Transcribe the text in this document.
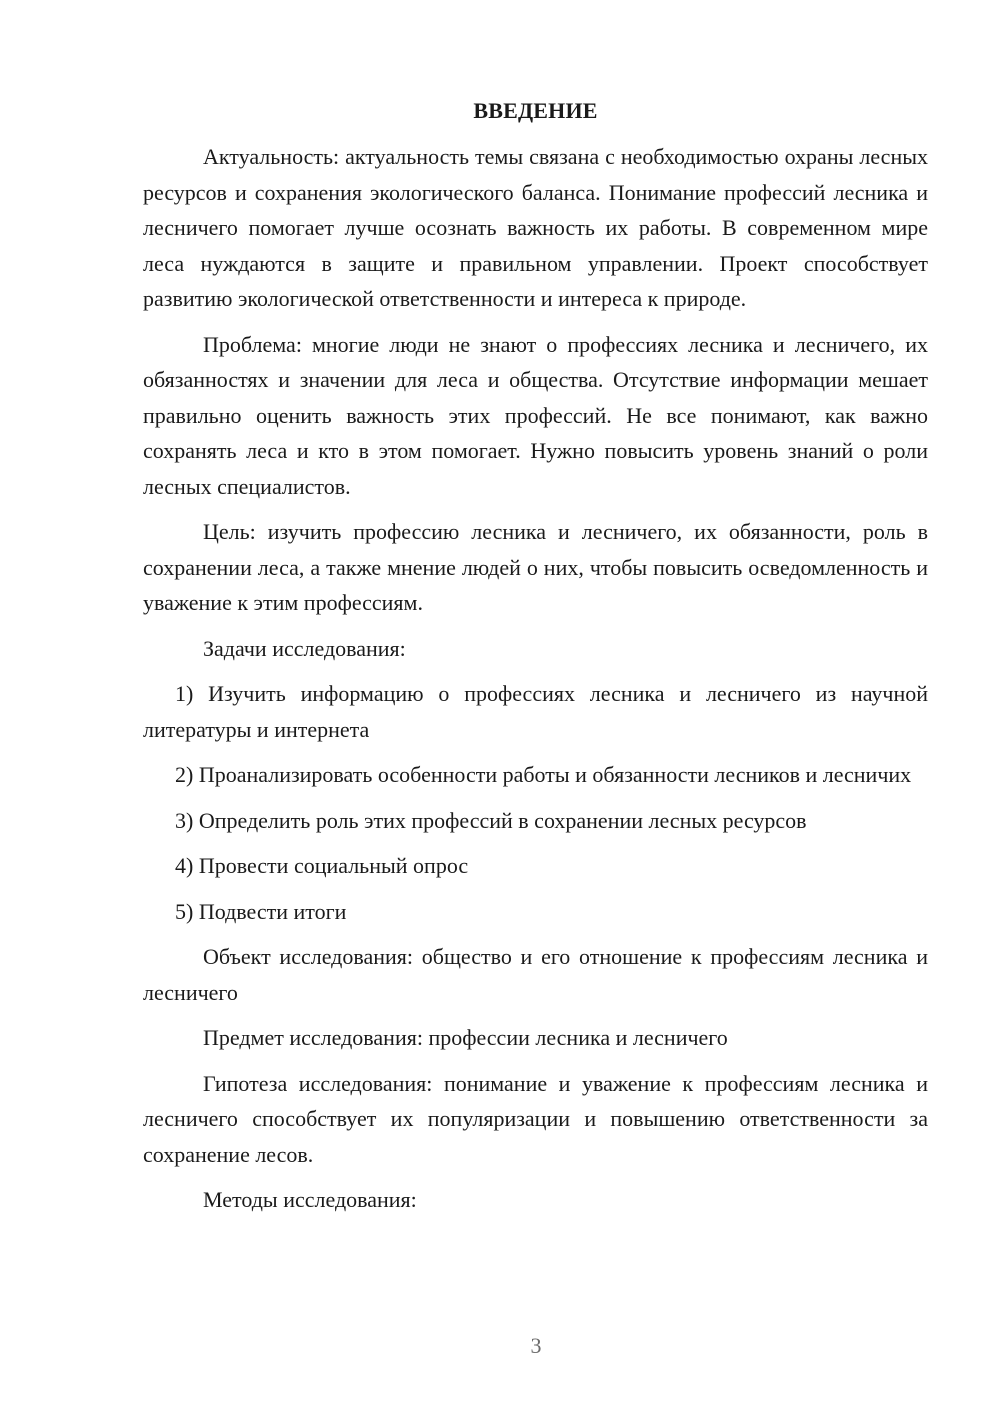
ВВЕДЕНИЕ

Актуальность: актуальность темы связана с необходимостью охраны лесных ресурсов и сохранения экологического баланса. Понимание профессий лесника и лесничего помогает лучше осознать важность их работы. В современном мире леса нуждаются в защите и правильном управлении. Проект способствует развитию экологической ответственности и интереса к природе.

Проблема: многие люди не знают о профессиях лесника и лесничего, их обязанностях и значении для леса и общества. Отсутствие информации мешает правильно оценить важность этих профессий. Не все понимают, как важно сохранять леса и кто в этом помогает. Нужно повысить уровень знаний о роли лесных специалистов.

Цель: изучить профессию лесника и лесничего, их обязанности, роль в сохранении леса, а также мнение людей о них, чтобы повысить осведомленность и уважение к этим профессиям.

Задачи исследования:

1) Изучить информацию о профессиях лесника и лесничего из научной литературы и интернета

2) Проанализировать особенности работы и обязанности лесников и лесничих

3) Определить роль этих профессий в сохранении лесных ресурсов

4) Провести социальный опрос

5) Подвести итоги

Объект исследования: общество и его отношение к профессиям лесника и лесничего

Предмет исследования: профессии лесника и лесничего

Гипотеза исследования: понимание и уважение к профессиям лесника и лесничего способствует их популяризации и повышению ответственности за сохранение лесов.

Методы исследования:

3
